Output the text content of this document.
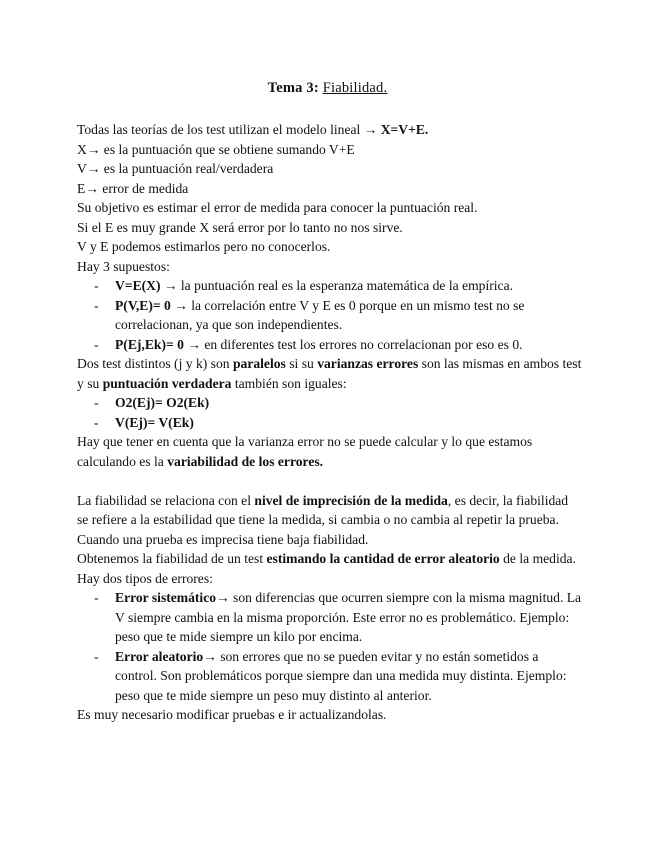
Tema 3: Fiabilidad.

Todas las teorías de los test utilizan el modelo lineal → X=V+E.

X→ es la puntuación que se obtiene sumando V+E

V→ es la puntuación real/verdadera

E→ error de medida

Su objetivo es estimar el error de medida para conocer la puntuación real.

Si el E es muy grande X será error por lo tanto no nos sirve.

V y E podemos estimarlos pero no conocerlos.

Hay 3 supuestos:

- V=E(X) → la puntuación real es la esperanza matemática de la empírica.
- P(V,E)= 0 → la correlación entre V y E es 0 porque en un mismo test no se correlacionan, ya que son independientes.
- P(Ej,Ek)= 0 → en diferentes test los errores no correlacionan por eso es 0.

Dos test distintos (j y k) son paralelos si su varianzas errores son las mismas en ambos test y su puntuación verdadera también son iguales:

- O2(Ej)= O2(Ek)
- V(Ej)= V(Ek)

Hay que tener en cuenta que la varianza error no se puede calcular y lo que estamos calculando es la variabilidad de los errores.

La fiabilidad se relaciona con el nivel de imprecisión de la medida, es decir, la fiabilidad se refiere a la estabilidad que tiene la medida, si cambia o no cambia al repetir la prueba. Cuando una prueba es imprecisa tiene baja fiabilidad.

Obtenemos la fiabilidad de un test estimando la cantidad de error aleatorio de la medida. Hay dos tipos de errores:

- Error sistemático→ son diferencias que ocurren siempre con la misma magnitud. La V siempre cambia en la misma proporción. Este error no es problemático. Ejemplo: peso que te mide siempre un kilo por encima.
- Error aleatorio→ son errores que no se pueden evitar y no están sometidos a control. Son problemáticos porque siempre dan una medida muy distinta. Ejemplo: peso que te mide siempre un peso muy distinto al anterior.

Es muy necesario modificar pruebas e ir actualizandolas.
